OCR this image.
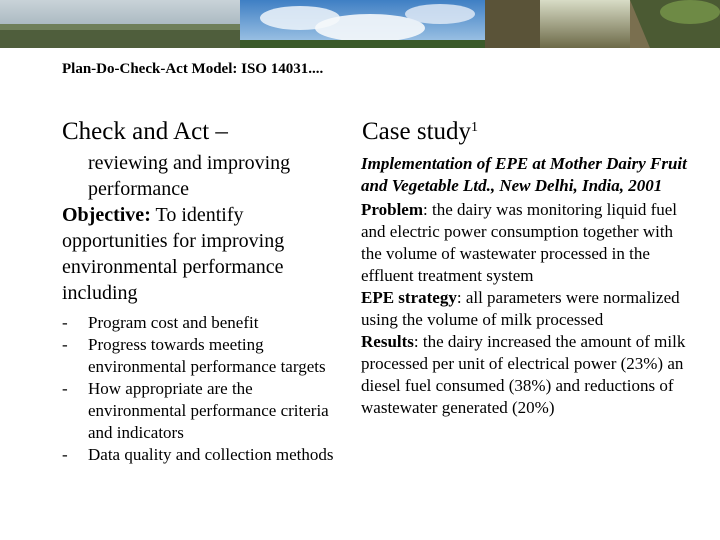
Plan-Do-Check-Act Model: ISO 14031....
Check and Act –	Case study$^1$
reviewing and improving performance
Objective: To identify opportunities for improving environmental performance including
-	Program cost and benefit
-	Progress towards meeting environmental performance targets
-	How appropriate are the environmental performance criteria and indicators
-	Data quality and collection methods

Implementation of EPE at Mother Dairy Fruit and Vegetable Ltd., New Delhi, India, 2001

Problem: the dairy was monitoring liquid fuel and electric power consumption together with the volume of wastewater processed in the effluent treatment system

EPE strategy: all parameters were normalized using the volume of milk processed

Results: the dairy increased the amount of milk processed per unit of electrical power (23%) an diesel fuel consumed (38%) and reductions of wastewater generated (20%)
